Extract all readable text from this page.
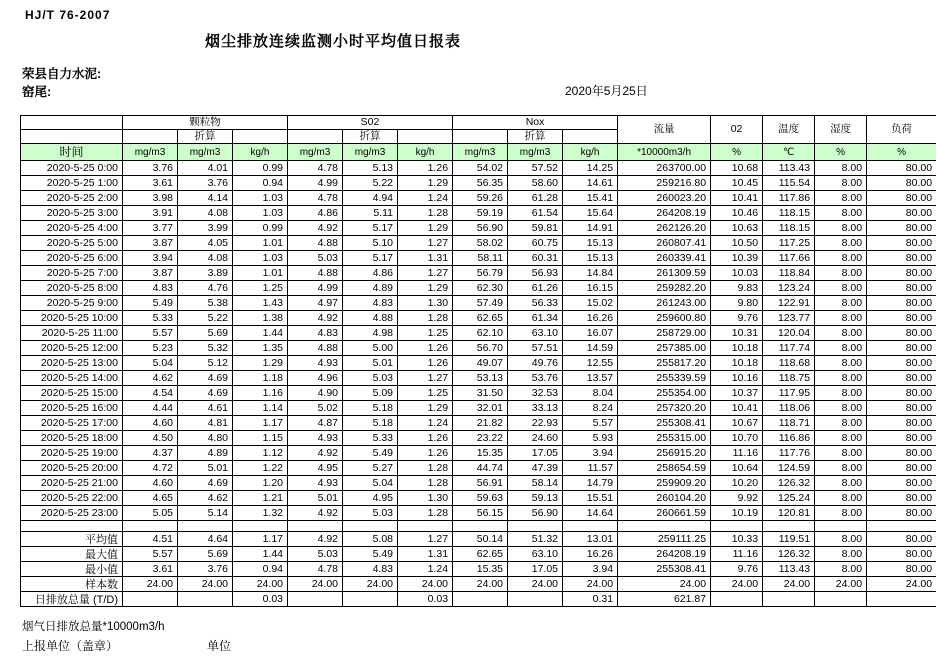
HJ/T 76-2007
烟尘排放连续监测小时平均值日报表
荣县自力水泥:
窑尾:	2020年5月25日
	颗粒物			S02			Nox			流量	02	温度	湿度	负荷
		折算			折算			折算						
时间	mg/m3	mg/m3	kg/h	mg/m3	mg/m3	kg/h	mg/m3	mg/m3	kg/h	*10000m3/h	%	℃	%	%
2020-5-25 0:00	3.76	4.01	0.99	4.78	5.13	1.26	54.02	57.52	14.25	263700.00	10.68	113.43	8.00	80.00
2020-5-25 1:00	3.61	3.76	0.94	4.99	5.22	1.29	56.35	58.60	14.61	259216.80	10.45	115.54	8.00	80.00
2020-5-25 2:00	3.98	4.14	1.03	4.78	4.94	1.24	59.26	61.28	15.41	260023.20	10.41	117.86	8.00	80.00
2020-5-25 3:00	3.91	4.08	1.03	4.86	5.11	1.28	59.19	61.54	15.64	264208.19	10.46	118.15	8.00	80.00
2020-5-25 4:00	3.77	3.99	0.99	4.92	5.17	1.29	56.90	59.81	14.91	262126.20	10.63	118.15	8.00	80.00
2020-5-25 5:00	3.87	4.05	1.01	4.88	5.10	1.27	58.02	60.75	15.13	260807.41	10.50	117.25	8.00	80.00
2020-5-25 6:00	3.94	4.08	1.03	5.03	5.17	1.31	58.11	60.31	15.13	260339.41	10.39	117.66	8.00	80.00
2020-5-25 7:00	3.87	3.89	1.01	4.88	4.86	1.27	56.79	56.93	14.84	261309.59	10.03	118.84	8.00	80.00
2020-5-25 8:00	4.83	4.76	1.25	4.99	4.89	1.29	62.30	61.26	16.15	259282.20	9.83	123.24	8.00	80.00
2020-5-25 9:00	5.49	5.38	1.43	4.97	4.83	1.30	57.49	56.33	15.02	261243.00	9.80	122.91	8.00	80.00
2020-5-25 10:00	5.33	5.22	1.38	4.92	4.88	1.28	62.65	61.34	16.26	259600.80	9.76	123.77	8.00	80.00
2020-5-25 11:00	5.57	5.69	1.44	4.83	4.98	1.25	62.10	63.10	16.07	258729.00	10.31	120.04	8.00	80.00
2020-5-25 12:00	5.23	5.32	1.35	4.88	5.00	1.26	56.70	57.51	14.59	257385.00	10.18	117.74	8.00	80.00
2020-5-25 13:00	5.04	5.12	1.29	4.93	5.01	1.26	49.07	49.76	12.55	255817.20	10.18	118.68	8.00	80.00
2020-5-25 14:00	4.62	4.69	1.18	4.96	5.03	1.27	53.13	53.76	13.57	255339.59	10.16	118.75	8.00	80.00
2020-5-25 15:00	4.54	4.69	1.16	4.90	5.09	1.25	31.50	32.53	8.04	255354.00	10.37	117.95	8.00	80.00
2020-5-25 16:00	4.44	4.61	1.14	5.02	5.18	1.29	32.01	33.13	8.24	257320.20	10.41	118.06	8.00	80.00
2020-5-25 17:00	4.60	4.81	1.17	4.87	5.18	1.24	21.82	22.93	5.57	255308.41	10.67	118.71	8.00	80.00
2020-5-25 18:00	4.50	4.80	1.15	4.93	5.33	1.26	23.22	24.60	5.93	255315.00	10.70	116.86	8.00	80.00
2020-5-25 19:00	4.37	4.89	1.12	4.92	5.49	1.26	15.35	17.05	3.94	256915.20	11.16	117.76	8.00	80.00
2020-5-25 20:00	4.72	5.01	1.22	4.95	5.27	1.28	44.74	47.39	11.57	258654.59	10.64	124.59	8.00	80.00
2020-5-25 21:00	4.60	4.69	1.20	4.93	5.04	1.28	56.91	58.14	14.79	259909.20	10.20	126.32	8.00	80.00
2020-5-25 22:00	4.65	4.62	1.21	5.01	4.95	1.30	59.63	59.13	15.51	260104.20	9.92	125.24	8.00	80.00
2020-5-25 23:00	5.05	5.14	1.32	4.92	5.03	1.28	56.15	56.90	14.64	260661.59	10.19	120.81	8.00	80.00

平均值	4.51	4.64	1.17	4.92	5.08	1.27	50.14	51.32	13.01	259111.25	10.33	119.51	8.00	80.00

最大值	5.57	5.69	1.44	5.03	5.49	1.31	62.65	63.10	16.26	264208.19	11.16	126.32	8.00	80.00

最小值	3.61	3.76	0.94	4.78	4.83	1.24	15.35	17.05	3.94	255308.41	9.76	113.43	8.00	80.00

样本数	24.00	24.00	24.00	24.00	24.00	24.00	24.00	24.00	24.00	24.00	24.00	24.00	24.00	24.00

日排放总量 (T/D)			0.03			0.03			0.31	621.87				
烟气日排放总量*10000m3/h
上报单位（盖章）	单位
